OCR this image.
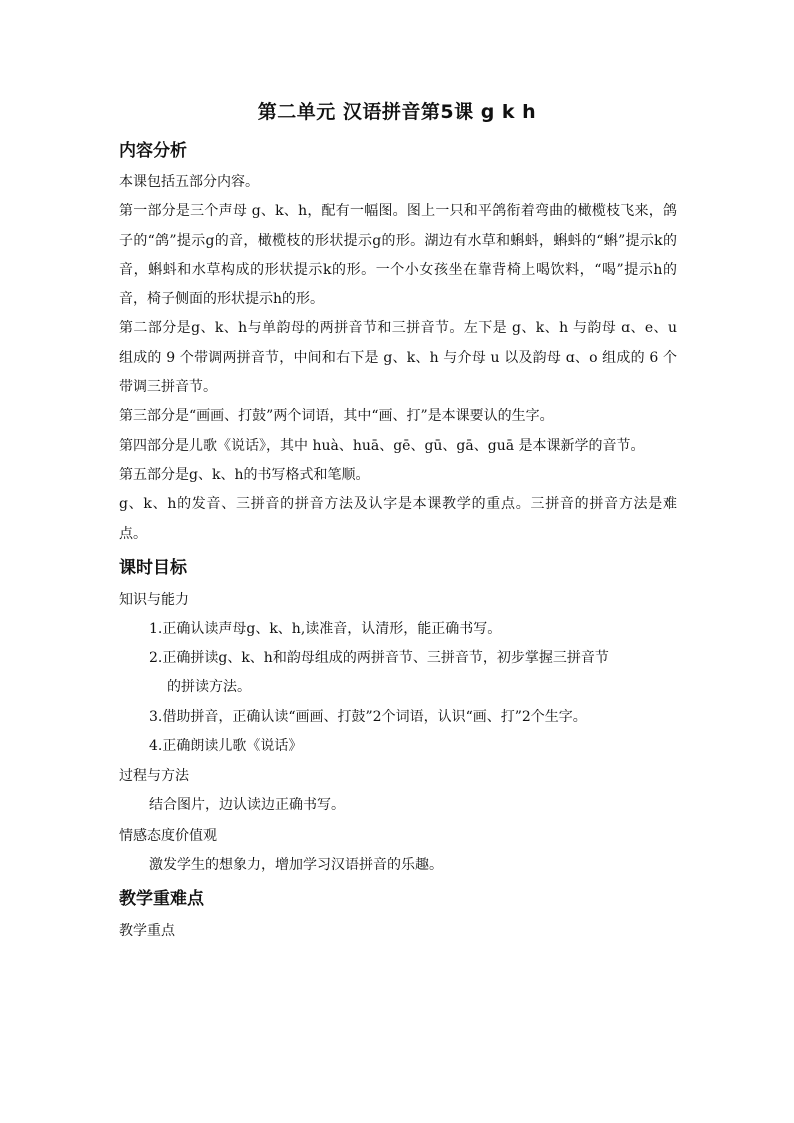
第二单元 汉语拼音第5课 g k h
内容分析
本课包括五部分内容。
第一部分是三个声母 g、k、h，配有一幅图。图上一只和平鸽衔着弯曲的橄榄枝飞来，鸽子的“鸽”提示g的音，橄榄枝的形状提示g的形。湖边有水草和蝌蚪，蝌蚪的“蝌”提示k的音，蝌蚪和水草构成的形状提示k的形。一个小女孩坐在靠背椅上喝饮料，“喝”提示h的音，椅子侧面的形状提示h的形。
第二部分是g、k、h与单韵母的两拼音节和三拼音节。左下是 g、k、h 与韵母 ɑ、e、u 组成的 9 个带调两拼音节，中间和右下是 g、k、h 与介母 u 以及韵母 ɑ、o 组成的 6 个带调三拼音节。
第三部分是“画画、打鼓”两个词语，其中“画、打”是本课要认的生字。
第四部分是儿歌《说话》，其中 huà、huā、gē、gū、gā、guā 是本课新学的音节。
第五部分是g、k、h的书写格式和笔顺。
g、k、h的发音、三拼音的拼音方法及认字是本课教学的重点。三拼音的拼音方法是难点。
课时目标
知识与能力
1.正确认读声母g、k、h,读准音，认清形，能正确书写。
2.正确拼读g、k、h和韵母组成的两拼音节、三拼音节，初步掌握三拼音节
的拼读方法。
3.借助拼音，正确认读“画画、打鼓”2个词语，认识“画、打”2个生字。
4.正确朗读儿歌《说话》
过程与方法
结合图片，边认读边正确书写。
情感态度价值观
激发学生的想象力，增加学习汉语拼音的乐趣。
教学重难点
教学重点
